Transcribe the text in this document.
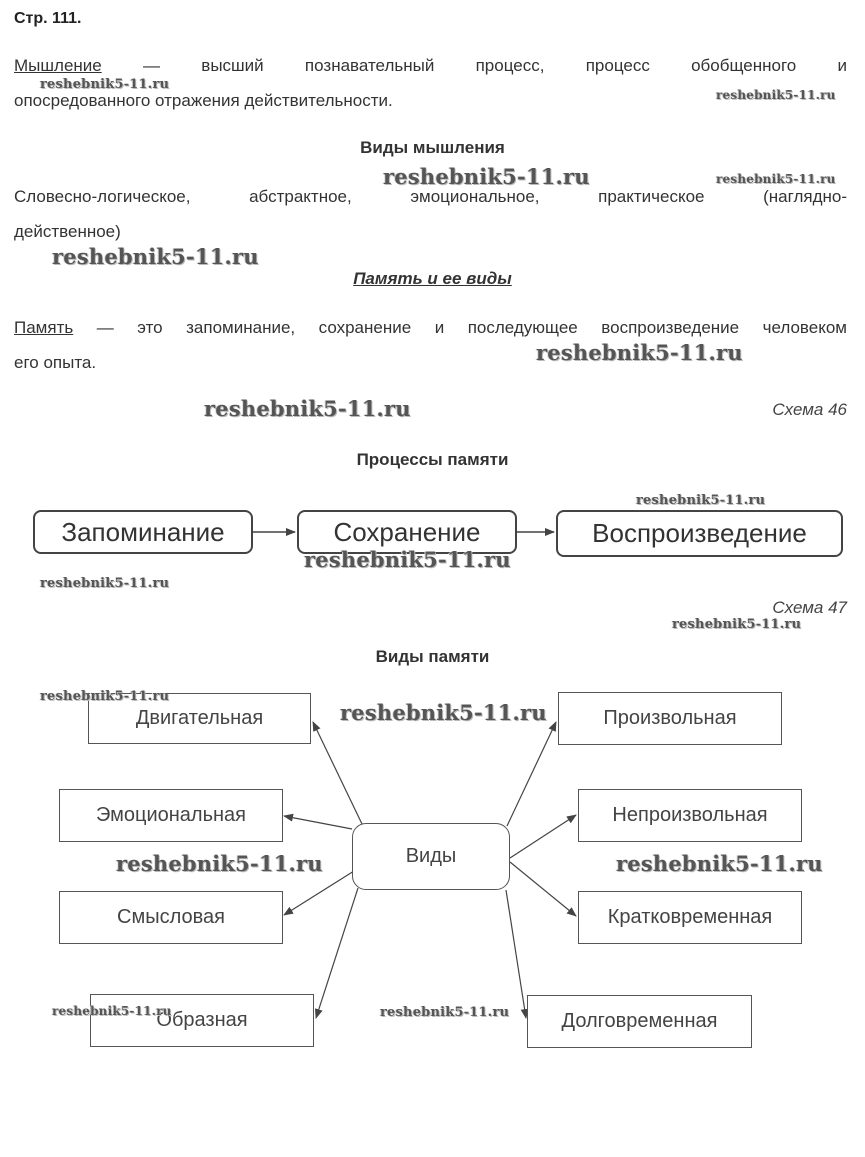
Стр. 111.
Мышление — высший познавательный процесс, процесс обобщенного и
опосредованного отражения действительности.
Виды мышления
Словесно-логическое, абстрактное, эмоциональное, практическое (наглядно-
действенное)
Память и ее виды
Память — это запоминание, сохранение и последующее воспроизведение человеком
его опыта.
Схема 46
Процессы памяти
Запоминание	Сохранение	Воспроизведение
Схема 47
Виды памяти
Виды
Двигательная
Эмоциональная
Смысловая
Образная
Произвольная
Непроизвольная
Кратковременная
Долговременная
reshebnik5-11.ru
reshebnik5-11.ru
reshebnik5-11.ru	reshebnik5-11.ru
reshebnik5-11.ru
reshebnik5-11.ru
reshebnik5-11.ru
reshebnik5-11.ru
reshebnik5-11.ru
reshebnik5-11.ru
reshebnik5-11.ru
reshebnik5-11.ru
reshebnik5-11.ru
reshebnik5-11.ru	reshebnik5-11.ru
reshebnik5-11.ru	reshebnik5-11.ru
